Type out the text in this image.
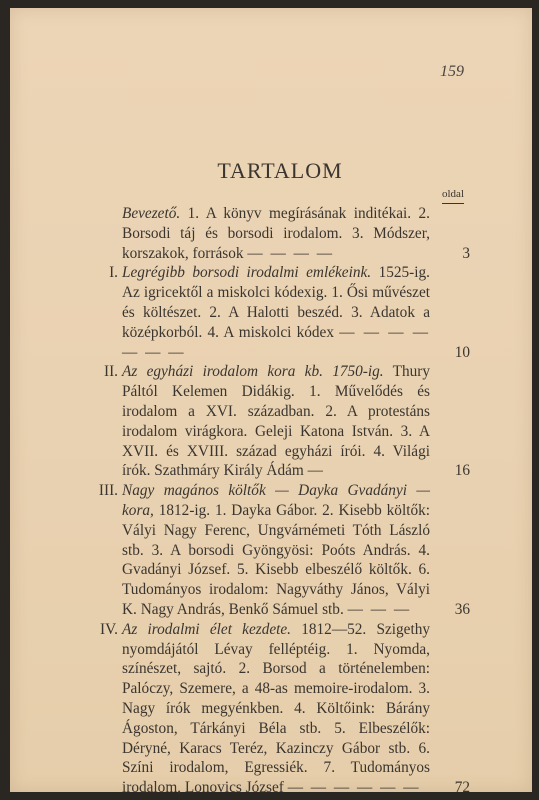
159
TARTALOM
oldal
Bevezető. 1. A könyv megírásának inditékai. 2. Borsodi táj és borsodi irodalom. 3. Módszer, korszakok, források — — — —	3
I. Legrégibb borsodi irodalmi emlékeink. 1525-ig. Az igricektől a miskolci kódexig. 1. Ősi művészet és költészet. 2. A Halotti beszéd. 3. Adatok a középkorból. 4. A miskolci kódex — — — — — — —	10
II. Az egyházi irodalom kora kb. 1750-ig. Thury Páltól Kelemen Didákig. 1. Művelődés és irodalom a XVI. században. 2. A protestáns irodalom virágkora. Geleji Katona István. 3. A XVII. és XVIII. század egyházi írói. 4. Világi írók. Szathmáry Király Ádám —	16
III. Nagy magános költők — Dayka Gvadányi — kora, 1812-ig. 1. Dayka Gábor. 2. Kisebb költők: Vályi Nagy Ferenc, Ungvárnémeti Tóth László stb. 3. A borsodi Gyöngyösi: Poóts András. 4. Gvadányi József. 5. Kisebb elbeszélő költők. 6. Tudományos irodalom: Nagyváthy János, Vályi K. Nagy András, Benkő Sámuel stb. — — —	36
IV. Az irodalmi élet kezdete. 1812—52. Szigethy nyomdájától Lévay felléptéig. 1. Nyomda, színészet, sajtó. 2. Borsod a történelemben: Palóczy, Szemere, a 48-as memoire-irodalom. 3. Nagy írók megyénkben. 4. Költőink: Bárány Ágoston, Tárkányi Béla stb. 5. Elbeszélők: Déryné, Karacs Teréz, Kazinczy Gábor stb. 6. Színi irodalom, Egressiék. 7. Tudományos irodalom, Lonovics József — — — — — —	72
